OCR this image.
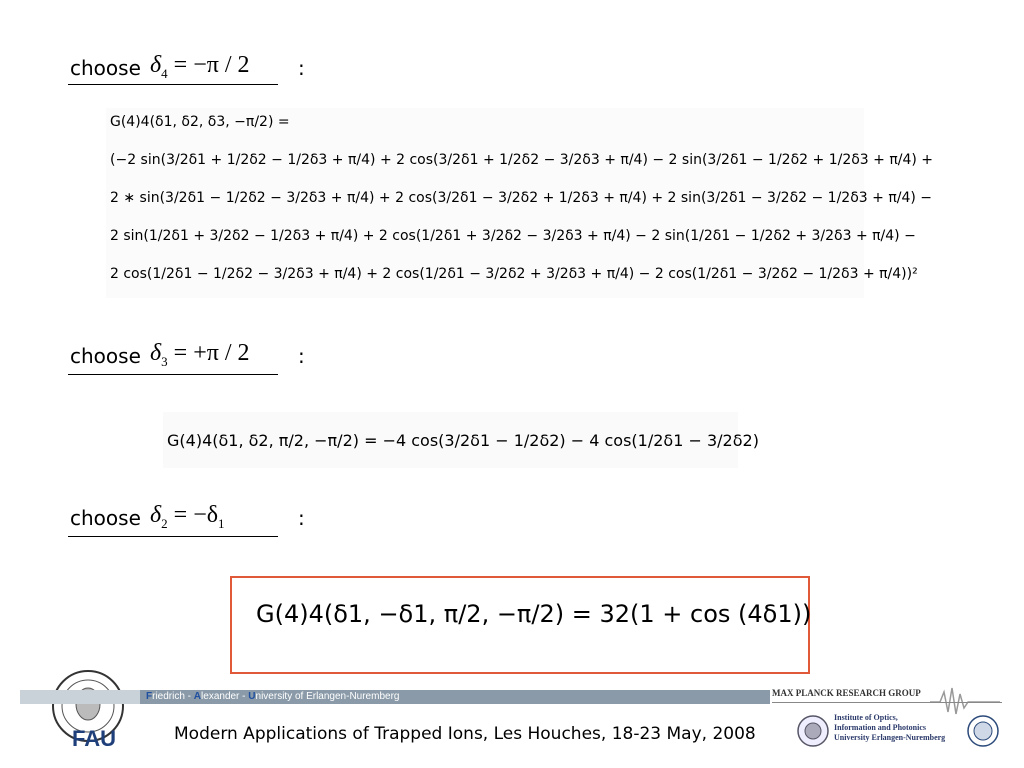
choose $\delta_4 = -\pi / 2$ :
G(4)4(δ1, δ2, δ3, −π/2) =
(−2 sin(3/2δ1 + 1/2δ2 − 1/2δ3 + π/4) + 2 cos(3/2δ1 + 1/2δ2 − 3/2δ3 + π/4) − 2 sin(3/2δ1 − 1/2δ2 + 1/2δ3 + π/4) +
2 ∗ sin(3/2δ1 − 1/2δ2 − 3/2δ3 + π/4) + 2 cos(3/2δ1 − 3/2δ2 + 1/2δ3 + π/4) + 2 sin(3/2δ1 − 3/2δ2 − 1/2δ3 + π/4) −
2 sin(1/2δ1 + 3/2δ2 − 1/2δ3 + π/4) + 2 cos(1/2δ1 + 3/2δ2 − 3/2δ3 + π/4) − 2 sin(1/2δ1 − 1/2δ2 + 3/2δ3 + π/4) −
2 cos(1/2δ1 − 1/2δ2 − 3/2δ3 + π/4) + 2 cos(1/2δ1 − 3/2δ2 + 3/2δ3 + π/4) − 2 cos(1/2δ1 − 3/2δ2 − 1/2δ3 + π/4))²
choose $\delta_3 = +\pi / 2$ :
G(4)4(δ1, δ2, π/2, −π/2) = −4 cos(3/2δ1 − 1/2δ2) − 4 cos(1/2δ1 − 3/2δ2)
choose $\delta_2 = -\delta_1$	:
G(4)4(δ1, −δ1, π/2, −π/2) = 32(1 + cos (4δ1))
FAU
Friedrich - Alexander - University of Erlangen-Nuremberg	MAX PLANCK RESEARCH GROUP
Modern Applications of Trapped Ions, Les Houches, 18-23 May, 2008
Institute of Optics,
Information and Photonics
University Erlangen-Nuremberg
